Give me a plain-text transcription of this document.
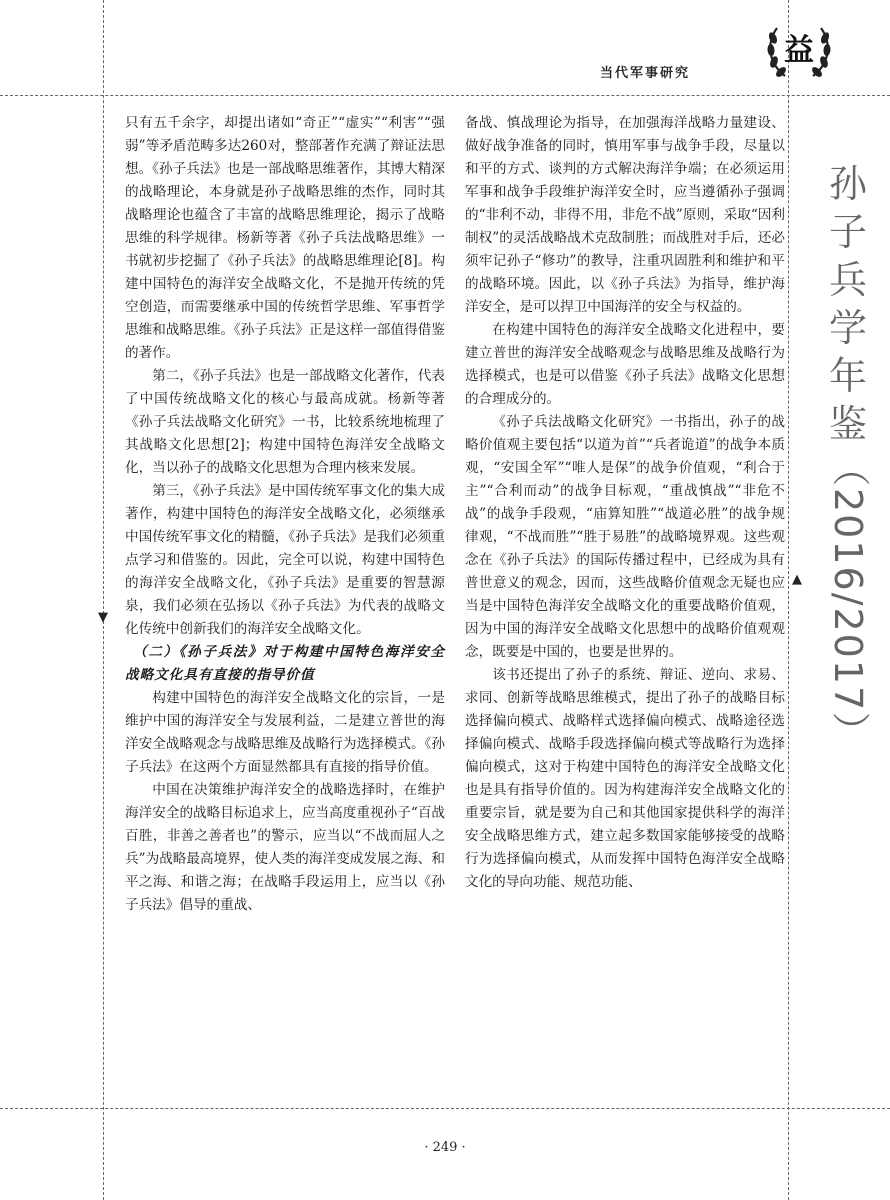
当代军事研究
益
孙
子
兵
学
年
鉴
（2016/2017）
▼
▲

只有五千余字，却提出诸如“奇正”“虚实”“利害”“强弱”等矛盾范畴多达260对，整部著作充满了辩证法思想。《孙子兵法》也是一部战略思维著作，其博大精深的战略理论，本身就是孙子战略思维的杰作，同时其战略理论也蕴含了丰富的战略思维理论，揭示了战略思维的科学规律。杨新等著《孙子兵法战略思维》一书就初步挖掘了《孙子兵法》的战略思维理论[8]。构建中国特色的海洋安全战略文化，不是抛开传统的凭空创造，而需要继承中国的传统哲学思维、军事哲学思维和战略思维。《孙子兵法》正是这样一部值得借鉴的著作。

第二，《孙子兵法》也是一部战略文化著作，代表了中国传统战略文化的核心与最高成就。杨新等著《孙子兵法战略文化研究》一书，比较系统地梳理了其战略文化思想[2]；构建中国特色海洋安全战略文化，当以孙子的战略文化思想为合理内核来发展。

第三，《孙子兵法》是中国传统军事文化的集大成著作，构建中国特色的海洋安全战略文化，必须继承中国传统军事文化的精髓，《孙子兵法》是我们必须重点学习和借鉴的。因此，完全可以说，构建中国特色的海洋安全战略文化，《孙子兵法》是重要的智慧源泉，我们必须在弘扬以《孙子兵法》为代表的战略文化传统中创新我们的海洋安全战略文化。

（二）《孙子兵法》对于构建中国特色海洋安全战略文化具有直接的指导价值

构建中国特色的海洋安全战略文化的宗旨，一是维护中国的海洋安全与发展利益，二是建立普世的海洋安全战略观念与战略思维及战略行为选择模式。《孙子兵法》在这两个方面显然都具有直接的指导价值。

中国在决策维护海洋安全的战略选择时，在维护海洋安全的战略目标追求上，应当高度重视孙子“百战百胜，非善之善者也”的警示，应当以“不战而屈人之兵”为战略最高境界，使人类的海洋变成发展之海、和平之海、和谐之海；在战略手段运用上，应当以《孙子兵法》倡导的重战、

备战、慎战理论为指导，在加强海洋战略力量建设、做好战争准备的同时，慎用军事与战争手段，尽量以和平的方式、谈判的方式解决海洋争端；在必须运用军事和战争手段维护海洋安全时，应当遵循孙子强调的“非利不动，非得不用，非危不战”原则，采取“因利制权”的灵活战略战术克敌制胜；而战胜对手后，还必须牢记孙子“修功”的教导，注重巩固胜利和维护和平的战略环境。因此，以《孙子兵法》为指导，维护海洋安全，是可以捍卫中国海洋的安全与权益的。

在构建中国特色的海洋安全战略文化进程中，要建立普世的海洋安全战略观念与战略思维及战略行为选择模式，也是可以借鉴《孙子兵法》战略文化思想的合理成分的。

《孙子兵法战略文化研究》一书指出，孙子的战略价值观主要包括“以道为首”“兵者诡道”的战争本质观，“安国全军”“唯人是保”的战争价值观，“利合于主”“合利而动”的战争目标观，“重战慎战”“非危不战”的战争手段观，“庙算知胜”“战道必胜”的战争规律观，“不战而胜”“胜于易胜”的战略境界观。这些观念在《孙子兵法》的国际传播过程中，已经成为具有普世意义的观念，因而，这些战略价值观念无疑也应当是中国特色海洋安全战略文化的重要战略价值观，因为中国的海洋安全战略文化思想中的战略价值观观念，既要是中国的，也要是世界的。

该书还提出了孙子的系统、辩证、逆向、求易、求同、创新等战略思维模式，提出了孙子的战略目标选择偏向模式、战略样式选择偏向模式、战略途径选择偏向模式、战略手段选择偏向模式等战略行为选择偏向模式，这对于构建中国特色的海洋安全战略文化也是具有指导价值的。因为构建海洋安全战略文化的重要宗旨，就是要为自己和其他国家提供科学的海洋安全战略思维方式，建立起多数国家能够接受的战略行为选择偏向模式，从而发挥中国特色海洋安全战略文化的导向功能、规范功能、

· 249 ·
